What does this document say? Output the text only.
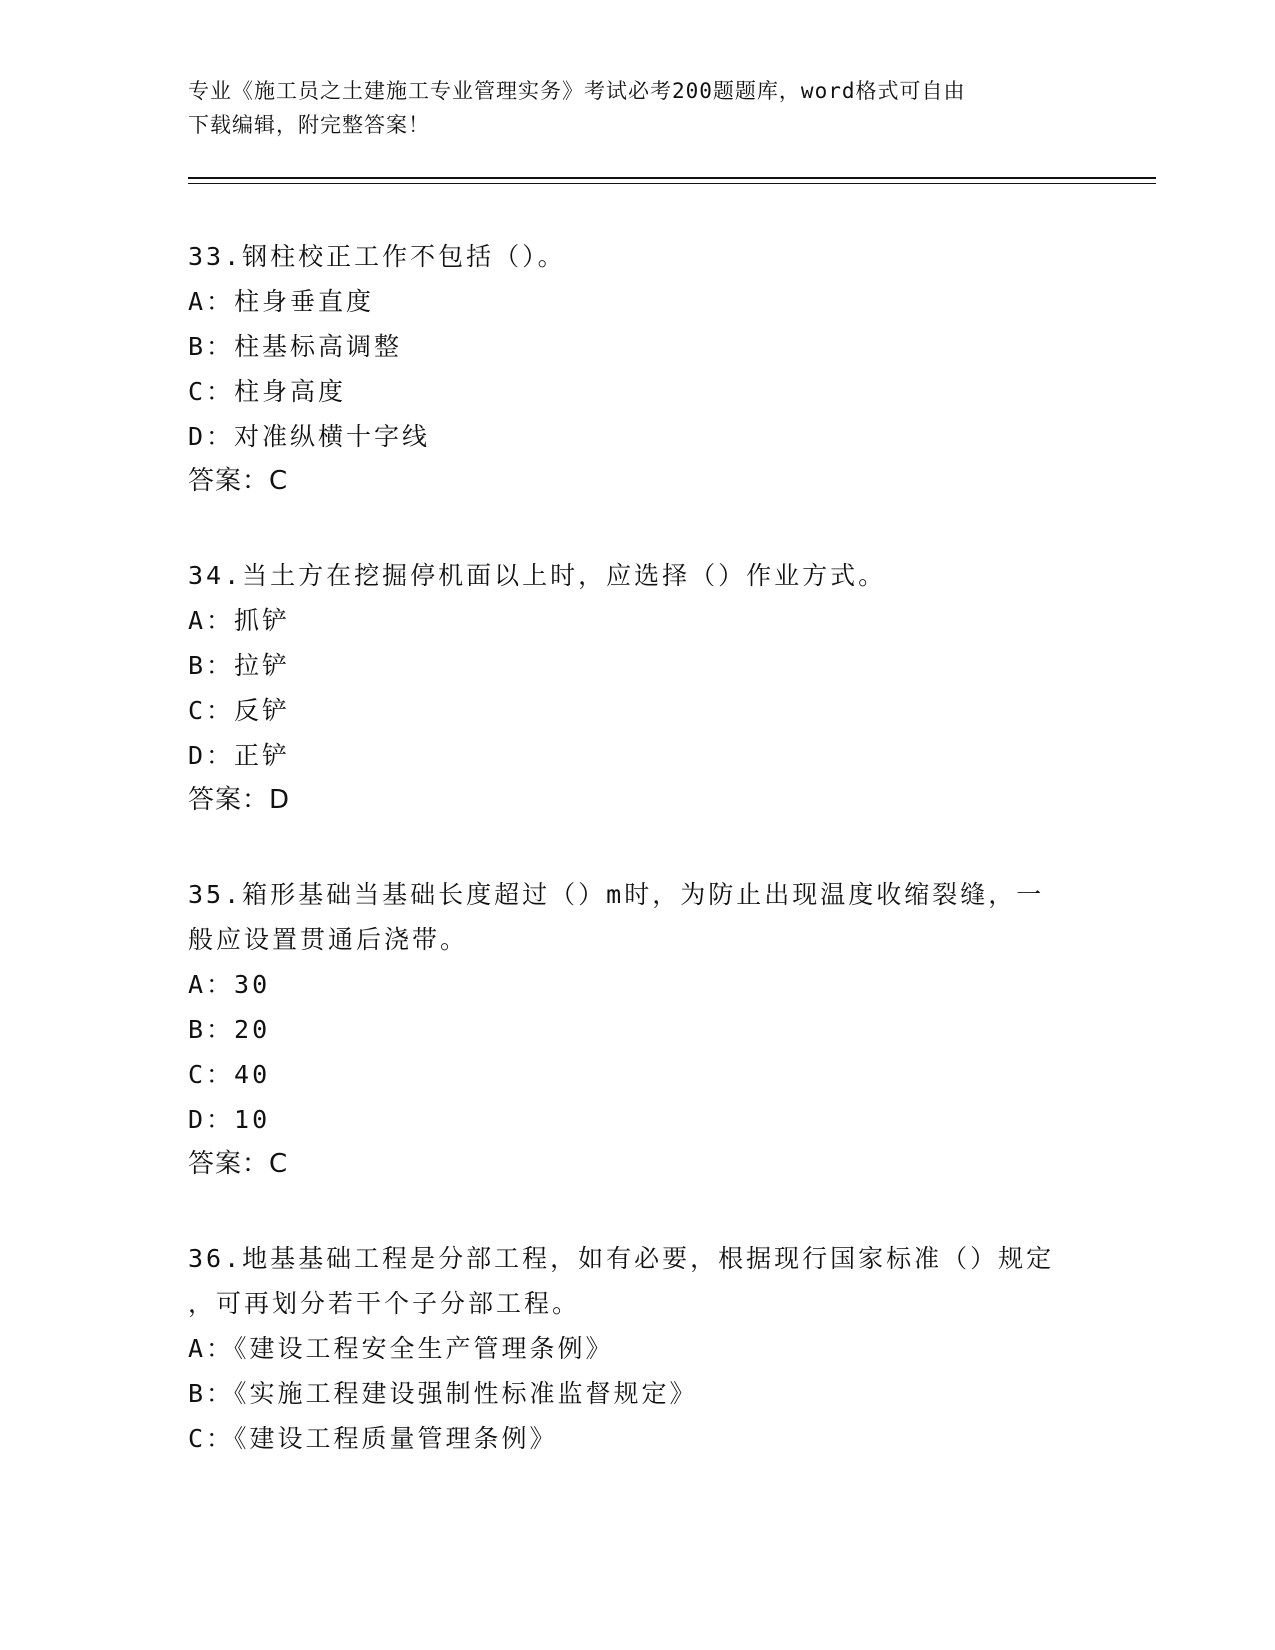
专业《施工员之土建施工专业管理实务》考试必考200题题库，word格式可自由
下载编辑，附完整答案！
33.钢柱校正工作不包括（）。
A：柱身垂直度
B：柱基标高调整
C：柱身高度
D：对准纵横十字线
答案：C
34.当土方在挖掘停机面以上时，应选择（）作业方式。
A：抓铲
B：拉铲
C：反铲
D：正铲
答案：D
35.箱形基础当基础长度超过（）m时，为防止出现温度收缩裂缝，一
般应设置贯通后浇带。
A：30
B：20
C：40
D：10
答案：C
36.地基基础工程是分部工程，如有必要，根据现行国家标准（）规定
，可再划分若干个子分部工程。
A：《建设工程安全生产管理条例》
B：《实施工程建设强制性标准监督规定》
C：《建设工程质量管理条例》
